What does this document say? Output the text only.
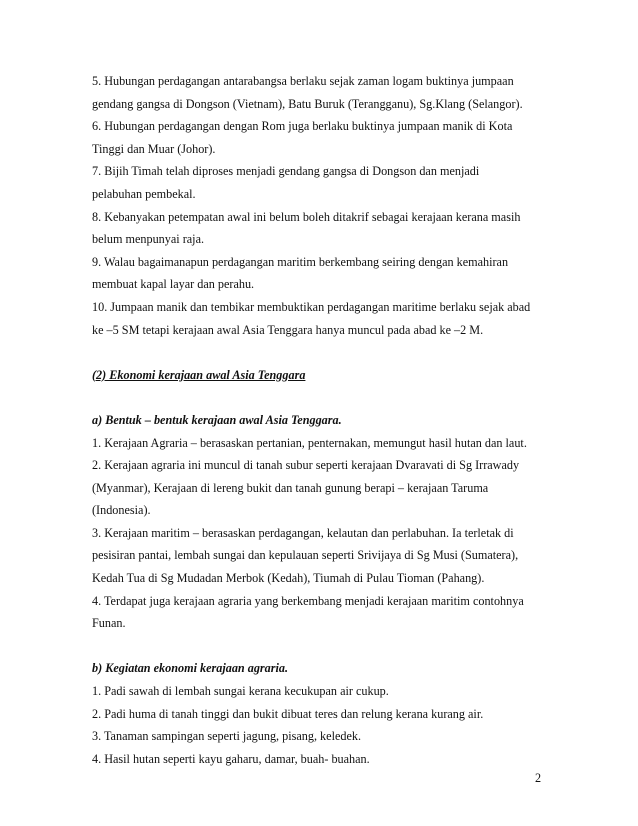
5. Hubungan perdagangan antarabangsa berlaku sejak zaman logam buktinya jumpaan
gendang gangsa di Dongson (Vietnam), Batu Buruk (Terangganu), Sg.Klang (Selangor).
6. Hubungan perdagangan dengan Rom juga berlaku buktinya jumpaan manik di Kota
Tinggi dan Muar (Johor).
7. Bijih Timah telah diproses menjadi gendang gangsa di Dongson dan menjadi
pelabuhan pembekal.
8. Kebanyakan petempatan awal ini belum boleh ditakrif sebagai kerajaan kerana masih
belum menpunyai raja.
9. Walau bagaimanapun perdagangan maritim berkembang seiring dengan kemahiran
membuat kapal layar dan perahu.
10. Jumpaan manik dan tembikar membuktikan perdagangan maritime berlaku sejak abad
ke –5 SM tetapi kerajaan awal Asia Tenggara hanya muncul pada abad ke –2 M.
(2) Ekonomi kerajaan awal Asia Tenggara
a) Bentuk – bentuk kerajaan awal Asia Tenggara.
1. Kerajaan Agraria – berasaskan pertanian, penternakan, memungut hasil hutan dan laut.
2. Kerajaan agraria ini muncul di tanah subur seperti kerajaan Dvaravati di Sg Irrawady
(Myanmar), Kerajaan di lereng bukit dan tanah gunung berapi – kerajaan Taruma
(Indonesia).
3. Kerajaan maritim – berasaskan perdagangan, kelautan dan perlabuhan. Ia terletak di
pesisiran pantai, lembah sungai dan kepulauan seperti Srivijaya di Sg Musi (Sumatera),
Kedah Tua di Sg Mudadan Merbok (Kedah), Tiumah di Pulau Tioman (Pahang).
4. Terdapat juga kerajaan agraria yang berkembang menjadi kerajaan maritim contohnya
Funan.
b) Kegiatan ekonomi kerajaan agraria.
1. Padi sawah di lembah sungai kerana kecukupan air cukup.
2. Padi huma di tanah tinggi dan bukit dibuat teres dan relung kerana kurang air.
3. Tanaman sampingan seperti jagung, pisang, keledek.
4. Hasil hutan seperti kayu gaharu, damar, buah- buahan.
2
